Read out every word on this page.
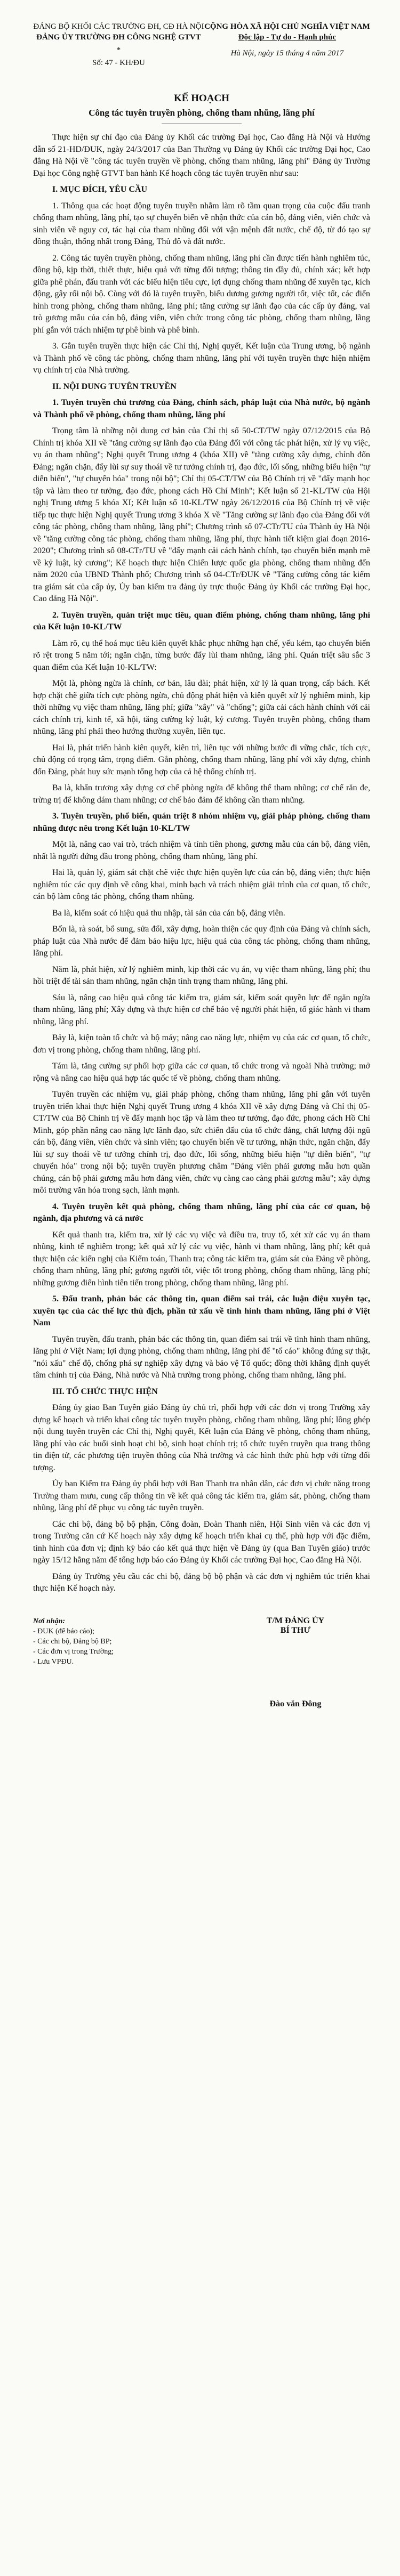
ĐẢNG BỘ KHỐI CÁC TRƯỜNG ĐH, CĐ HÀ NỘI
ĐẢNG ỦY TRƯỜNG ĐH CÔNG NGHỆ GTVT
*
Số: 47 - KH/ĐU
CỘNG HÒA XÃ HỘI CHỦ NGHĨA VIỆT NAM
Độc lập - Tự do - Hạnh phúc
Hà Nội, ngày 15 tháng 4 năm 2017
KẾ HOẠCH
Công tác tuyên truyền phòng, chống tham nhũng, lãng phí

Thực hiện sự chỉ đạo của Đảng ủy Khối các trường Đại học, Cao đẳng Hà Nội và Hướng dẫn số 21-HD/ĐUK, ngày 24/3/2017 của Ban Thường vụ Đảng ủy Khối các trường Đại học, Cao đẳng Hà Nội về "công tác tuyên truyền về phòng, chống tham nhũng, lãng phí" Đảng ủy Trường Đại học Công nghệ GTVT ban hành Kế hoạch công tác tuyên truyền như sau:

I. MỤC ĐÍCH, YÊU CẦU

1. Thông qua các hoạt động tuyên truyền nhằm làm rõ tầm quan trọng của cuộc đấu tranh chống tham nhũng, lãng phí, tạo sự chuyển biến về nhận thức của cán bộ, đảng viên, viên chức và sinh viên về nguy cơ, tác hại của tham nhũng đối với vận mệnh đất nước, chế độ, từ đó tạo sự đồng thuận, thống nhất trong Đảng, Thủ đô và đất nước.

2. Công tác tuyên truyền phòng, chống tham nhũng, lãng phí cần được tiến hành nghiêm túc, đồng bộ, kịp thời, thiết thực, hiệu quả với từng đối tượng; thông tin đầy đủ, chính xác; kết hợp giữa phê phán, đấu tranh với các biểu hiện tiêu cực, lợi dụng chống tham nhũng để xuyên tạc, kích động, gây rối nội bộ. Cùng với đó là tuyên truyền, biểu dương gương người tốt, việc tốt, các điển hình trong phòng, chống tham nhũng, lãng phí; tăng cường sự lãnh đạo của các cấp ủy đảng, vai trò gương mẫu của cán bộ, đảng viên, viên chức trong công tác phòng, chống tham nhũng, lãng phí gắn với trách nhiệm tự phê bình và phê bình.

3. Gắn tuyên truyền thực hiện các Chỉ thị, Nghị quyết, Kết luận của Trung ương, bộ ngành và Thành phố về công tác phòng, chống tham nhũng, lãng phí với tuyên truyền thực hiện nhiệm vụ chính trị của Nhà trường.

II. NỘI DUNG TUYÊN TRUYỀN

1. Tuyên truyền chủ trương của Đảng, chính sách, pháp luật của Nhà nước, bộ ngành và Thành phố về phòng, chống tham nhũng, lãng phí

Trọng tâm là những nội dung cơ bản của Chỉ thị số 50-CT/TW ngày 07/12/2015 của Bộ Chính trị khóa XII về "tăng cường sự lãnh đạo của Đảng đối với công tác phát hiện, xử lý vụ việc, vụ án tham nhũng"; Nghị quyết Trung ương 4 (khóa XII) về "tăng cường xây dựng, chỉnh đốn Đảng; ngăn chặn, đẩy lùi sự suy thoái về tư tưởng chính trị, đạo đức, lối sống, những biểu hiện "tự diễn biến", "tự chuyển hóa" trong nội bộ"; Chỉ thị 05-CT/TW của Bộ Chính trị về "đẩy mạnh học tập và làm theo tư tưởng, đạo đức, phong cách Hồ Chí Minh"; Kết luận số 21-KL/TW của Hội nghị Trung ương 5 khóa XI; Kết luận số 10-KL/TW ngày 26/12/2016 của Bộ Chính trị về việc tiếp tục thực hiện Nghị quyết Trung ương 3 khóa X về "Tăng cường sự lãnh đạo của Đảng đối với công tác phòng, chống tham nhũng, lãng phí"; Chương trình số 07-CTr/TU của Thành ủy Hà Nội về "tăng cường công tác phòng, chống tham nhũng, lãng phí, thực hành tiết kiệm giai đoạn 2016-2020"; Chương trình số 08-CTr/TU về "đẩy mạnh cải cách hành chính, tạo chuyển biến mạnh mẽ về kỷ luật, kỷ cương"; Kế hoạch thực hiện Chiến lược quốc gia phòng, chống tham nhũng đến năm 2020 của UBND Thành phố; Chương trình số 04-CTr/ĐUK về "Tăng cường công tác kiểm tra giám sát của cấp ủy, Ủy ban kiểm tra đảng ủy trực thuộc Đảng ủy Khối các trường Đại học, Cao đẳng Hà Nội".

2. Tuyên truyền, quán triệt mục tiêu, quan điểm phòng, chống tham nhũng, lãng phí của Kết luận 10-KL/TW

Làm rõ, cụ thể hoá mục tiêu kiên quyết khắc phục những hạn chế, yếu kém, tạo chuyển biến rõ rệt trong 5 năm tới; ngăn chặn, từng bước đẩy lùi tham nhũng, lãng phí. Quán triệt sâu sắc 3 quan điểm của Kết luận 10-KL/TW:

Một là, phòng ngừa là chính, cơ bản, lâu dài; phát hiện, xử lý là quan trọng, cấp bách. Kết hợp chặt chẽ giữa tích cực phòng ngừa, chủ động phát hiện và kiên quyết xử lý nghiêm minh, kịp thời những vụ việc tham nhũng, lãng phí; giữa "xây" và "chống"; giữa cải cách hành chính với cải cách chính trị, kinh tế, xã hội, tăng cường kỷ luật, kỷ cương. Tuyên truyền phòng, chống tham nhũng, lãng phí phải theo hướng thường xuyên, liên tục.

Hai là, phát triển hành kiên quyết, kiên trì, liên tục với những bước đi vững chắc, tích cực, chủ động có trọng tâm, trọng điểm. Gắn phòng, chống tham nhũng, lãng phí với xây dựng, chỉnh đốn Đảng, phát huy sức mạnh tổng hợp của cả hệ thống chính trị.

Ba là, khẩn trương xây dựng cơ chế phòng ngừa để không thể tham nhũng; cơ chế răn đe, trừng trị để không dám tham nhũng; cơ chế bảo đảm để không cần tham nhũng.

3. Tuyên truyền, phổ biến, quán triệt 8 nhóm nhiệm vụ, giải pháp phòng, chống tham nhũng được nêu trong Kết luận 10-KL/TW

Một là, nâng cao vai trò, trách nhiệm và tính tiên phong, gương mẫu của cán bộ, đảng viên, nhất là người đứng đầu trong phòng, chống tham nhũng, lãng phí.

Hai là, quản lý, giám sát chặt chẽ việc thực hiện quyền lực của cán bộ, đảng viên; thực hiện nghiêm túc các quy định về công khai, minh bạch và trách nhiệm giải trình của cơ quan, tổ chức, cán bộ làm công tác phòng, chống tham nhũng.

Ba là, kiểm soát có hiệu quả thu nhập, tài sản của cán bộ, đảng viên.

Bốn là, rà soát, bổ sung, sửa đổi, xây dựng, hoàn thiện các quy định của Đảng và chính sách, pháp luật của Nhà nước để đảm bảo hiệu lực, hiệu quả của công tác phòng, chống tham nhũng, lãng phí.

Năm là, phát hiện, xử lý nghiêm minh, kịp thời các vụ án, vụ việc tham nhũng, lãng phí; thu hồi triệt để tài sản tham nhũng, ngăn chặn tình trạng tham nhũng, lãng phí.

Sáu là, nâng cao hiệu quả công tác kiểm tra, giám sát, kiểm soát quyền lực để ngăn ngừa tham nhũng, lãng phí; Xây dựng và thực hiện cơ chế bảo vệ người phát hiện, tố giác hành vi tham nhũng, lãng phí.

Bảy là, kiện toàn tổ chức và bộ máy; nâng cao năng lực, nhiệm vụ của các cơ quan, tổ chức, đơn vị trong phòng, chống tham nhũng, lãng phí.

Tám là, tăng cường sự phối hợp giữa các cơ quan, tổ chức trong và ngoài Nhà trường; mở rộng và nâng cao hiệu quả hợp tác quốc tế về phòng, chống tham nhũng.

Tuyên truyền các nhiệm vụ, giải pháp phòng, chống tham nhũng, lãng phí gắn với tuyên truyền triển khai thực hiện Nghị quyết Trung ương 4 khóa XII về xây dựng Đảng và Chỉ thị 05-CT/TW của Bộ Chính trị về đẩy mạnh học tập và làm theo tư tưởng, đạo đức, phong cách Hồ Chí Minh, góp phần nâng cao năng lực lãnh đạo, sức chiến đấu của tổ chức đảng, chất lượng đội ngũ cán bộ, đảng viên, viên chức và sinh viên; tạo chuyển biến về tư tưởng, nhận thức, ngăn chặn, đẩy lùi sự suy thoái về tư tưởng chính trị, đạo đức, lối sống, những biểu hiện "tự diễn biến", "tự chuyển hóa" trong nội bộ; tuyên truyền phương châm "Đảng viên phải gương mẫu hơn quần chúng, cán bộ phải gương mẫu hơn đảng viên, chức vụ càng cao càng phải gương mẫu"; xây dựng môi trường văn hóa trong sạch, lành mạnh.

4. Tuyên truyền kết quả phòng, chống tham nhũng, lãng phí của các cơ quan, bộ ngành, địa phương và cả nước

Kết quả thanh tra, kiểm tra, xử lý các vụ việc và điều tra, truy tố, xét xử các vụ án tham nhũng, kinh tế nghiêm trọng; kết quả xử lý các vụ việc, hành vi tham nhũng, lãng phí; kết quả thực hiện các kiến nghị của Kiểm toán, Thanh tra; công tác kiểm tra, giám sát của Đảng về phòng, chống tham nhũng, lãng phí; gương người tốt, việc tốt trong phòng, chống tham nhũng, lãng phí; những gương điển hình tiên tiến trong phòng, chống tham nhũng, lãng phí.

5. Đấu tranh, phản bác các thông tin, quan điểm sai trái, các luận điệu xuyên tạc, xuyên tạc của các thế lực thù địch, phần tử xấu về tình hình tham nhũng, lãng phí ở Việt Nam

Tuyên truyền, đấu tranh, phản bác các thông tin, quan điểm sai trái về tình hình tham nhũng, lãng phí ở Việt Nam; lợi dụng phòng, chống tham nhũng, lãng phí để "tố cáo" không đúng sự thật, "nói xấu" chế độ, chống phá sự nghiệp xây dựng và bảo vệ Tổ quốc; đồng thời khẳng định quyết tâm chính trị của Đảng, Nhà nước và Nhà trường trong phòng, chống tham nhũng, lãng phí.

III. TỔ CHỨC THỰC HIỆN

Đảng ủy giao Ban Tuyên giáo Đảng ủy chủ trì, phối hợp với các đơn vị trong Trường xây dựng kế hoạch và triển khai công tác tuyên truyền phòng, chống tham nhũng, lãng phí; lồng ghép nội dung tuyên truyền các Chỉ thị, Nghị quyết, Kết luận của Đảng về phòng, chống tham nhũng, lãng phí vào các buổi sinh hoạt chi bộ, sinh hoạt chính trị; tổ chức tuyên truyền qua trang thông tin điện tử, các phương tiện truyền thông của Nhà trường và các hình thức phù hợp với từng đối tượng.

Ủy ban Kiểm tra Đảng ủy phối hợp với Ban Thanh tra nhân dân, các đơn vị chức năng trong Trường tham mưu, cung cấp thông tin về kết quả công tác kiểm tra, giám sát, phòng, chống tham nhũng, lãng phí để phục vụ công tác tuyên truyền.

Các chi bộ, đảng bộ bộ phận, Công đoàn, Đoàn Thanh niên, Hội Sinh viên và các đơn vị trong Trường căn cứ Kế hoạch này xây dựng kế hoạch triển khai cụ thể, phù hợp với đặc điểm, tình hình của đơn vị; định kỳ báo cáo kết quả thực hiện về Đảng ủy (qua Ban Tuyên giáo) trước ngày 15/12 hằng năm để tổng hợp báo cáo Đảng ủy Khối các trường Đại học, Cao đẳng Hà Nội.

Đảng ủy Trường yêu cầu các chi bộ, đảng bộ bộ phận và các đơn vị nghiêm túc triển khai thực hiện Kế hoạch này.

Nơi nhận:
- ĐUK (để báo cáo);
- Các chi bộ, Đảng bộ BP;
- Các đơn vị trong Trường;
- Lưu VPĐU.
T/M ĐẢNG ỦY
BÍ THƯ
Đào văn Đông
